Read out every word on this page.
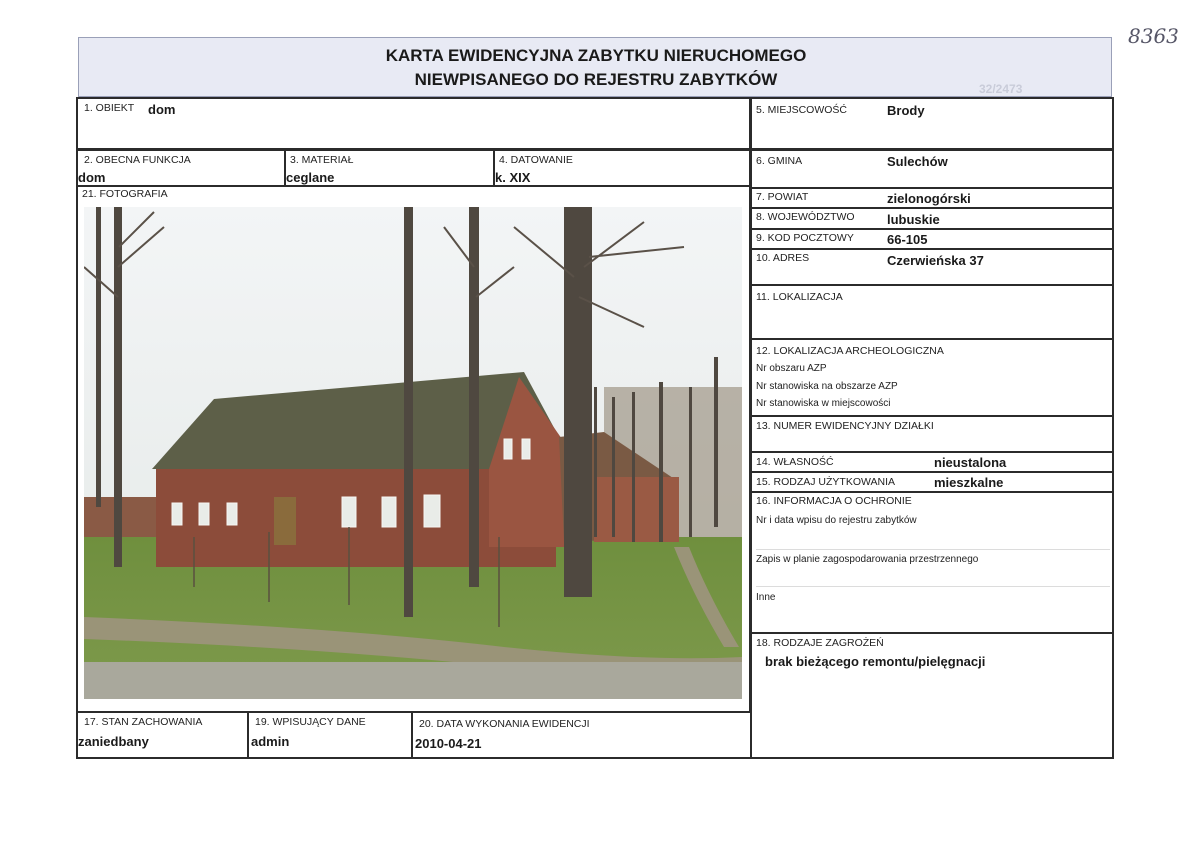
8363
32/2473
KARTA EWIDENCYJNA ZABYTKU NIERUCHOMEGO
NIEWPISANEGO DO REJESTRU ZABYTKÓW
1. OBIEKT dom
2. OBECNA FUNKCJA
dom
3. MATERIAŁ
ceglane
4. DATOWANIE
k. XIX
21. FOTOGRAFIA
5. MIEJSCOWOŚĆ	Brody
6. GMINA	Sulechów
7. POWIAT	zielonogórski
8. WOJEWÓDZTWO lubuskie
9. KOD POCZTOWY	66-105
10. ADRES	Czerwieńska 37
11. LOKALIZACJA
12. LOKALIZACJA ARCHEOLOGICZNA
Nr obszaru AZP
Nr stanowiska na obszarze AZP
Nr stanowiska w miejscowości
13. NUMER EWIDENCYJNY DZIAŁKI
14. WŁASNOŚĆ	nieustalona
15. RODZAJ UŻYTKOWANIA	mieszkalne
16. INFORMACJA O OCHRONIE
Nr i data wpisu do rejestru zabytków
Zapis w planie zagospodarowania przestrzennego
Inne
18. RODZAJE ZAGROŻEŃ
brak bieżącego remontu/pielęgnacji
17. STAN ZACHOWANIA
zaniedbany
19. WPISUJĄCY DANE
admin
20. DATA WYKONANIA EWIDENCJI
2010-04-21
